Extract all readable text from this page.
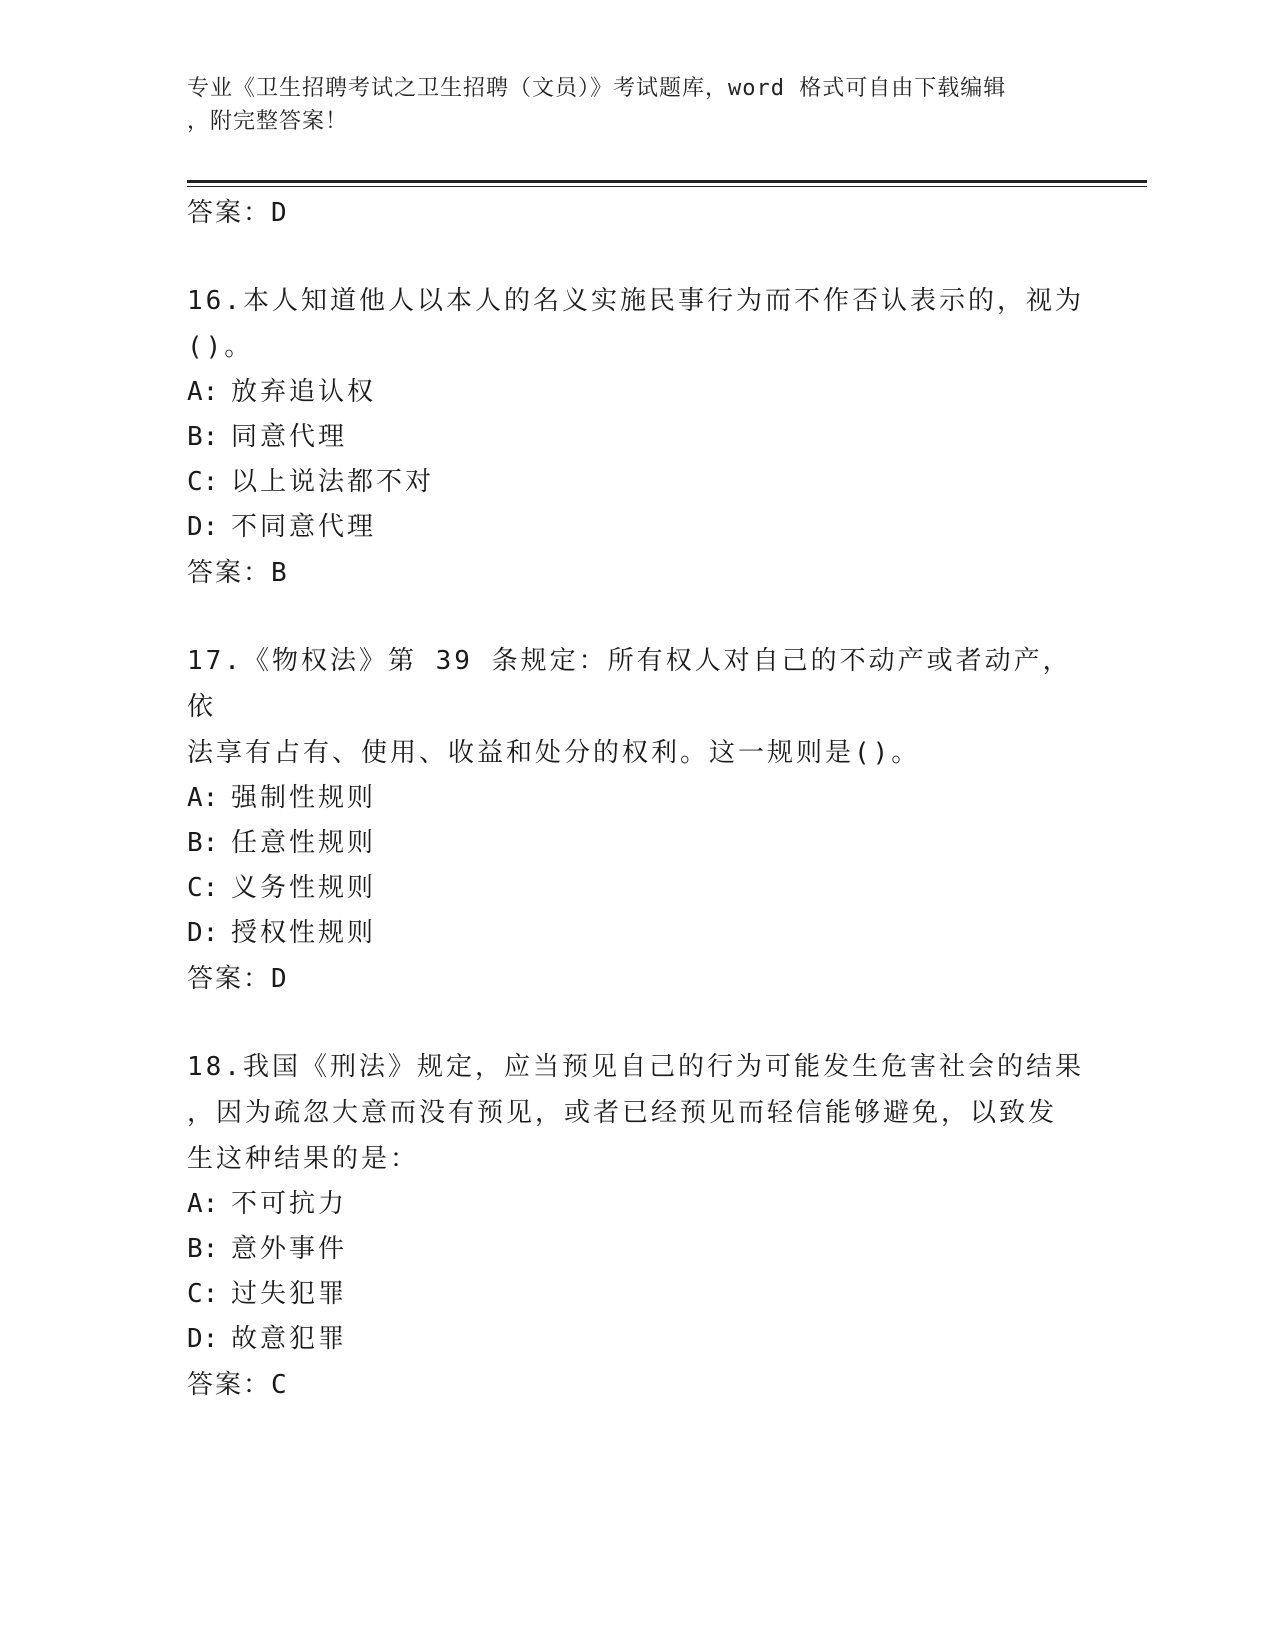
专业《卫生招聘考试之卫生招聘（文员）》考试题库，word 格式可自由下载编辑
，附完整答案！
答案：D
16.本人知道他人以本人的名义实施民事行为而不作否认表示的，视为
()。
A: 放弃追认权
B: 同意代理
C: 以上说法都不对
D: 不同意代理
答案：B
17.《物权法》第 39 条规定：所有权人对自己的不动产或者动产，依
法享有占有、使用、收益和处分的权利。这一规则是()。
A: 强制性规则
B: 任意性规则
C: 义务性规则
D: 授权性规则
答案：D
18.我国《刑法》规定，应当预见自己的行为可能发生危害社会的结果
，因为疏忽大意而没有预见，或者已经预见而轻信能够避免，以致发
生这种结果的是：
A: 不可抗力
B: 意外事件
C: 过失犯罪
D: 故意犯罪
答案：C
